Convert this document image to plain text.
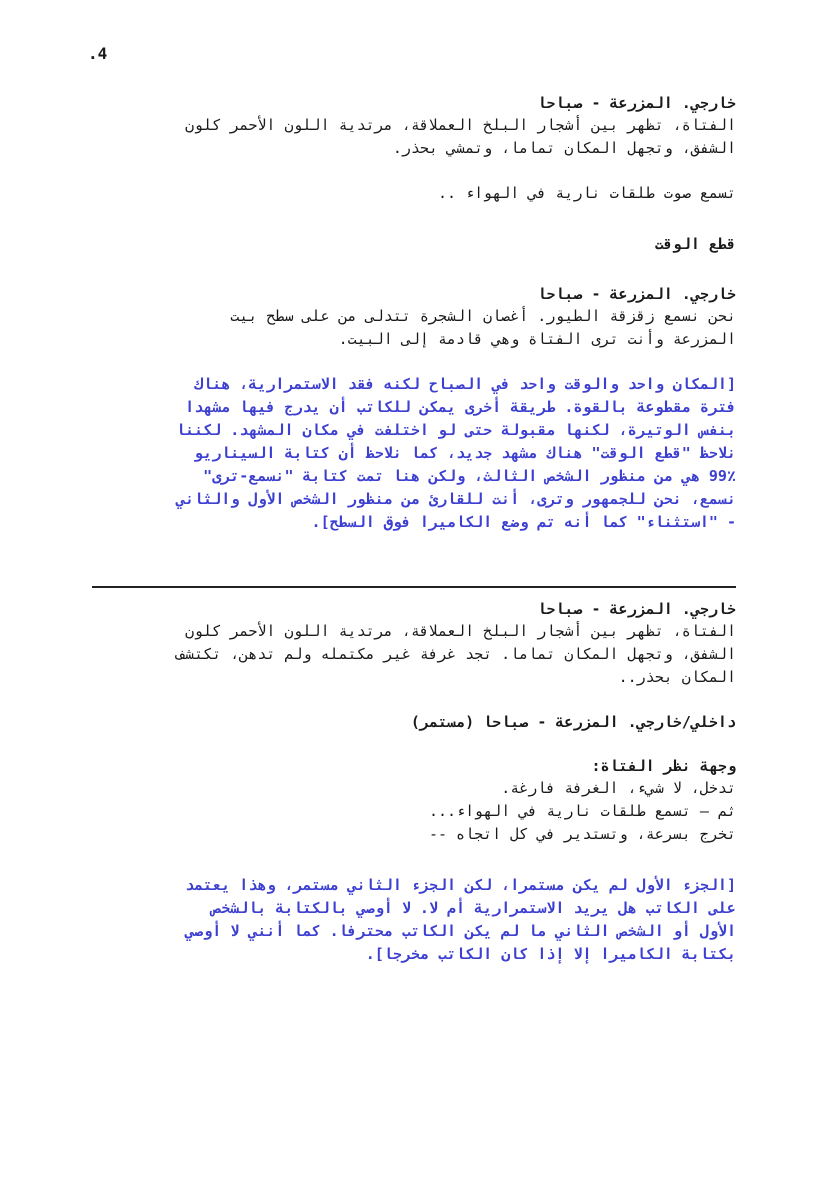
.4

خارجي. المزرعة - صباحا

الفتاة، تظهر بين أشجار البلخ العملاقة، مرتدية اللون الأحمر كلون
الشفق، وتجهل المكان تماما، وتمشي بحذر.

تسمع صوت طلقات نارية في الهواء ..

قطع الوقت

خارجي. المزرعة - صباحا

نحن نسمع زقزقة الطيور. أغصان الشجرة تتدلى من على سطح بيت
المزرعة وأنت ترى الفتاة وهي قادمة إلى البيت.

[المكان واحد والوقت واحد في الصباح لكنه فقد الاستمرارية، هناك
فترة مقطوعة بالقوة. طريقة أخرى يمكن للكاتب أن يدرج فيها مشهدا
بنفس الوتيرة، لكنها مقبولة حتى لو اختلفت في مكان المشهد. لكننا
نلاحظ "قطع الوقت" هناك مشهد جديد، كما نلاحظ أن كتابة السيناريو
99٪ هي من منظور الشخص الثالث، ولكن هنا تمت كتابة "نسمع-ترى"
نسمع، نحن للجمهور وترى، أنت للقارئ من منظور الشخص الأول والثاني
- "استثناء" كما أنه تم وضع الكاميرا فوق السطح].

خارجي. المزرعة - صباحا

الفتاة، تظهر بين أشجار البلخ العملاقة، مرتدية اللون الأحمر كلون
الشفق، وتجهل المكان تماما. تجد غرفة غير مكتمله ولم تدهن، تكتشف
المكان بحذر..

داخلي/خارجي. المزرعة - صباحا (مستمر)

وجهة نظر الفتاة:

تدخل، لا شيء، الغرفة فارغة.

ثم – تسمع طلقات نارية في الهواء...

تخرج بسرعة، وتستدير في كل اتجاه --

[الجزء الأول لم يكن مستمرا، لكن الجزء الثاني مستمر، وهذا يعتمد
على الكاتب هل يريد الاستمرارية أم لا. لا أوصي بالكتابة بالشخص
الأول أو الشخص الثاني ما لم يكن الكاتب محترفا. كما أنني لا أوصي
بكتابة الكاميرا إلا إذا كان الكاتب مخرجا].
